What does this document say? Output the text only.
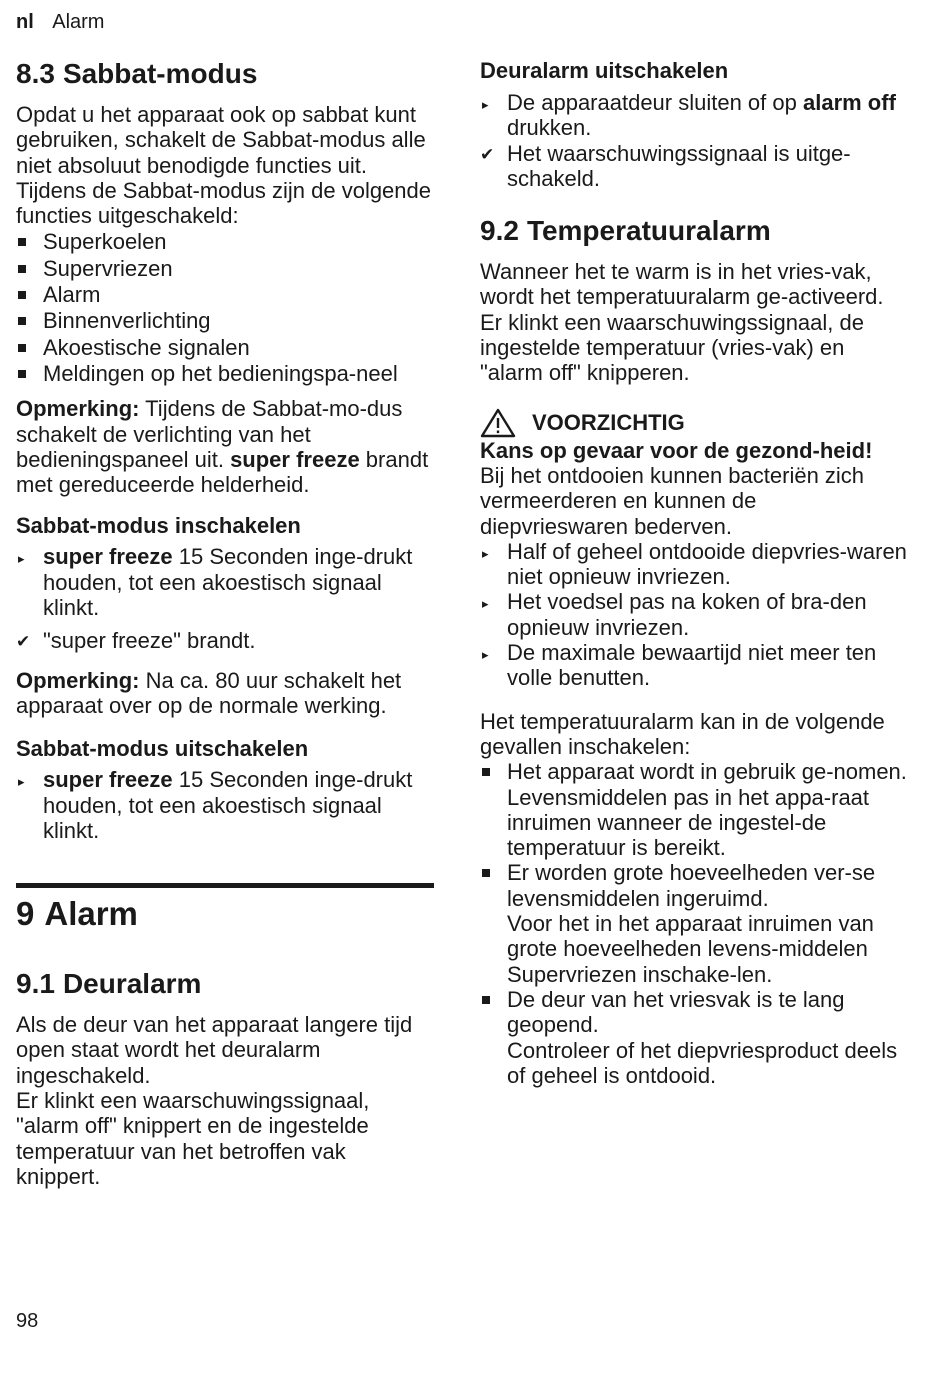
nl Alarm
8.3 Sabbat-modus

Opdat u het apparaat ook op sabbat kunt gebruiken, schakelt de Sabbat-modus alle niet absoluut benodigde functies uit.

Tijdens de Sabbat-modus zijn de volgende functies uitgeschakeld:

Superkoelen
Supervriezen
Alarm
Binnenverlichting
Akoestische signalen
Meldingen op het bedieningspa-neel

Opmerking: Tijdens de Sabbat-mo-dus schakelt de verlichting van het bedieningspaneel uit. super freeze brandt met gereduceerde helderheid.

Sabbat-modus inschakelen
▸ super freeze 15 Seconden inge-drukt houden, tot een akoestisch signaal klinkt.
✔ "super freeze" brandt.

Opmerking: Na ca. 80 uur schakelt het apparaat over op de normale werking.

Sabbat-modus uitschakelen
▸ super freeze 15 Seconden inge-drukt houden, tot een akoestisch signaal klinkt.
9 Alarm
9.1 Deuralarm

Als de deur van het apparaat langere tijd open staat wordt het deuralarm ingeschakeld.

Er klinkt een waarschuwingssignaal, "alarm off" knippert en de ingestelde temperatuur van het betroffen vak knippert.

Deuralarm uitschakelen
▸ De apparaatdeur sluiten of op alarm off drukken.
✔ Het waarschuwingssignaal is uitge-schakeld.
9.2 Temperatuuralarm

Wanneer het te warm is in het vries-vak, wordt het temperatuuralarm ge-activeerd.

Er klinkt een waarschuwingssignaal, de ingestelde temperatuur (vries-vak) en "alarm off" knipperen.

VOORZICHTIG

Kans op gevaar voor de gezond-heid!

Bij het ontdooien kunnen bacteriën zich vermeerderen en kunnen de diepvrieswaren bederven.

▸ Half of geheel ontdooide diepvries-waren niet opnieuw invriezen.
▸ Het voedsel pas na koken of bra-den opnieuw invriezen.
▸ De maximale bewaartijd niet meer ten volle benutten.

Het temperatuuralarm kan in de volgende gevallen inschakelen:

Het apparaat wordt in gebruik ge-nomen.

Levensmiddelen pas in het appa-raat inruimen wanneer de ingestel-de temperatuur is bereikt.

Er worden grote hoeveelheden ver-se levensmiddelen ingeruimd.

Voor het in het apparaat inruimen van grote hoeveelheden levens-middelen Supervriezen inschake-len.

De deur van het vriesvak is te lang geopend.

Controleer of het diepvriesproduct deels of geheel is ontdooid.

98
